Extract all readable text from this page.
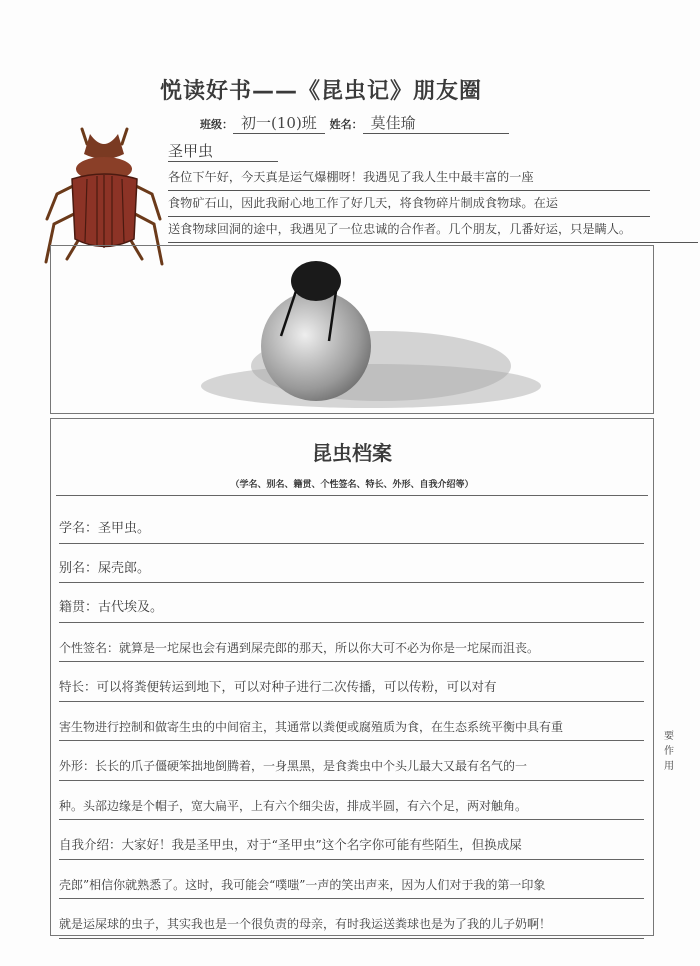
悦读好书——《昆虫记》朋友圈
班级： 初一(10)班 姓名： 莫佳瑜
圣甲虫
各位下午好，今天真是运气爆棚呀！我遇见了我人生中最丰富的一座
食物矿石山，因此我耐心地工作了好几天，将食物碎片制成食物球。在运
送食物球回洞的途中，我遇见了一位忠诚的合作者。几个朋友，几番好运，只是瞒人。
昆虫档案
（学名、别名、籍贯、个性签名、特长、外形、自我介绍等）
学名：圣甲虫。
别名：屎壳郎。
籍贯：古代埃及。
个性签名：就算是一坨屎也会有遇到屎壳郎的那天，所以你大可不必为你是一坨屎而沮丧。
特长：可以将粪便转运到地下，可以对种子进行二次传播，可以传粉，可以对有
害生物进行控制和做寄生虫的中间宿主，其通常以粪便或腐殖质为食，在生态系统平衡中具有重
外形：长长的爪子僵硬笨拙地倒腾着，一身黑黑，是食粪虫中个头儿最大又最有名气的一
种。头部边缘是个帽子，宽大扁平，上有六个细尖齿，排成半圆，有六个足，两对触角。
自我介绍：大家好！我是圣甲虫，对于“圣甲虫”这个名字你可能有些陌生，但换成屎
壳郎”相信你就熟悉了。这时，我可能会“噗嗤”一声的笑出声来，因为人们对于我的第一印象
就是运屎球的虫子，其实我也是一个很负责的母亲，有时我运送粪球也是为了我的儿子奶啊！
要作用
